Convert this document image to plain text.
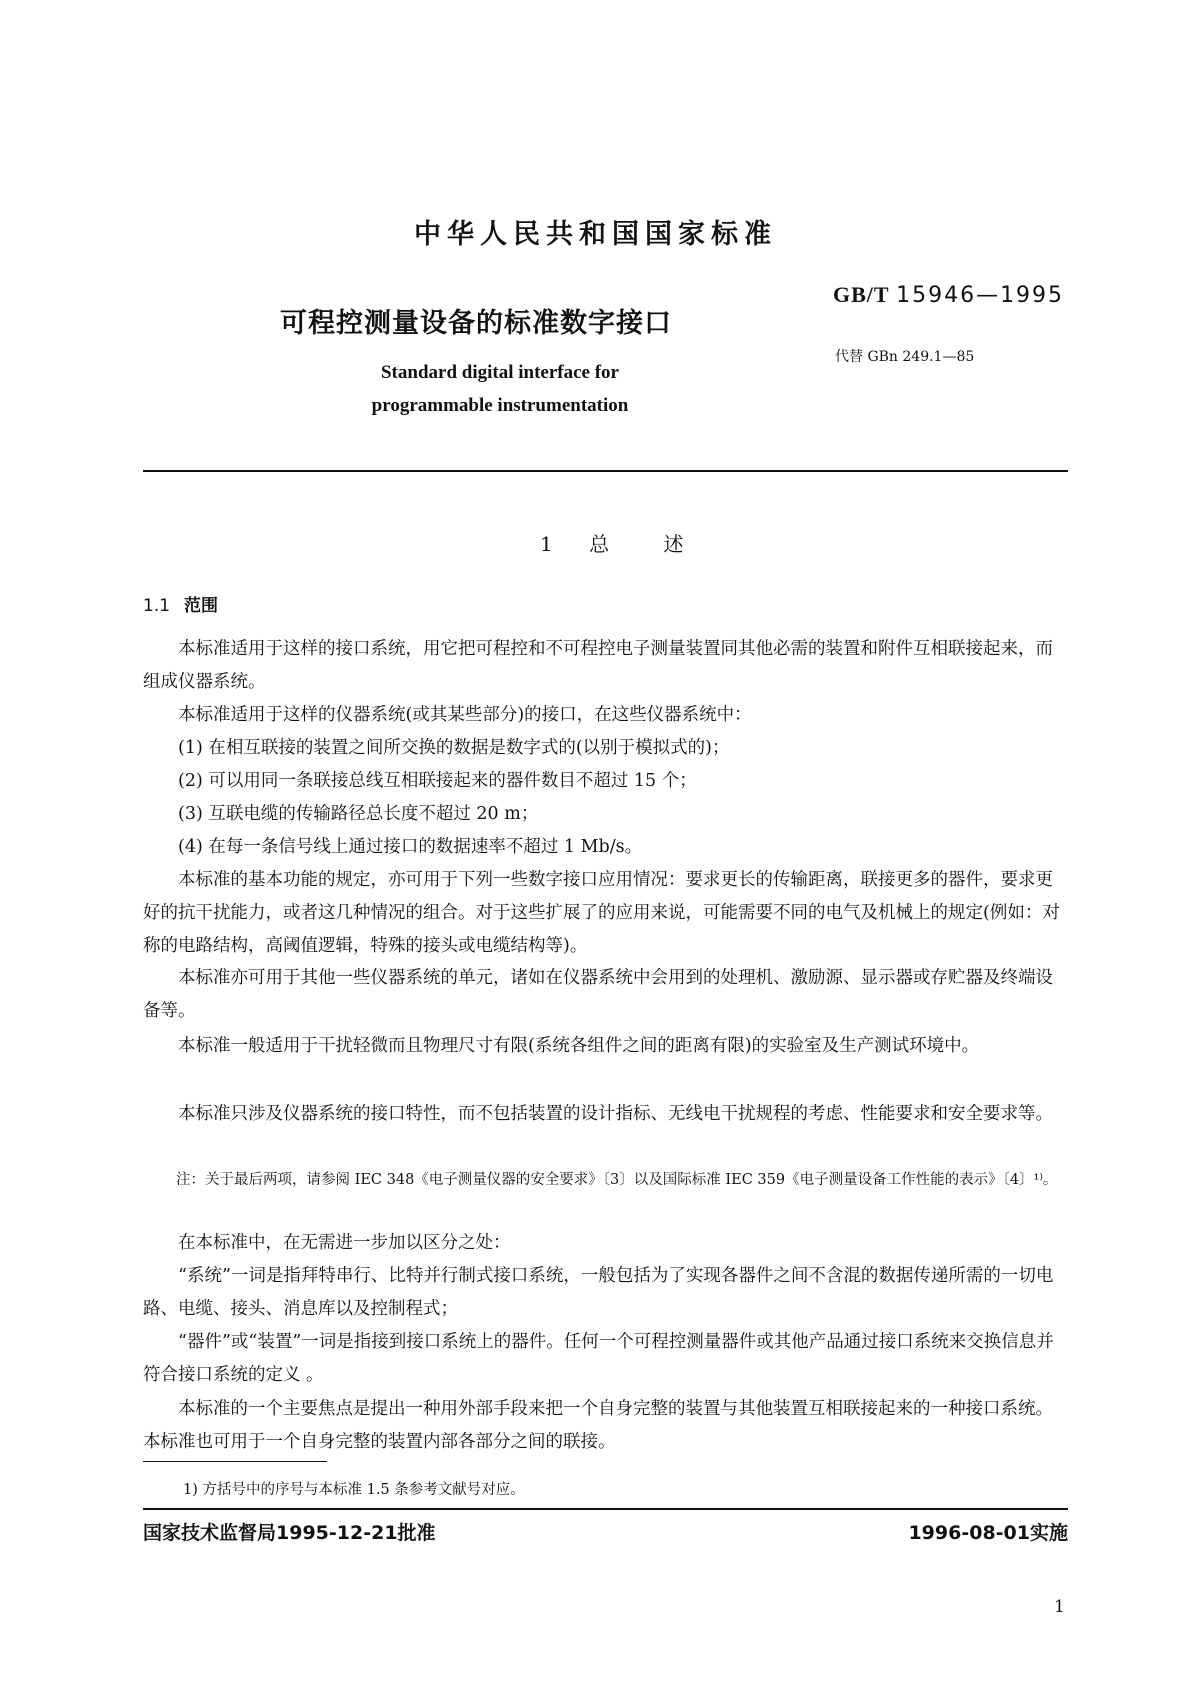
中华人民共和国国家标准
可程控测量设备的标准数字接口
GB/T 15946—1995
代替 GBn 249.1—85
Standard digital interface for
programmable instrumentation
1 总	述
1.1 范围
本标准适用于这样的接口系统，用它把可程控和不可程控电子测量装置同其他必需的装置和附件互相联接起来，而组成仪器系统。
本标准适用于这样的仪器系统(或其某些部分)的接口，在这些仪器系统中：
(1) 在相互联接的装置之间所交换的数据是数字式的(以别于模拟式的)；
(2) 可以用同一条联接总线互相联接起来的器件数目不超过 15 个；
(3) 互联电缆的传输路径总长度不超过 20 m；
(4) 在每一条信号线上通过接口的数据速率不超过 1 Mb/s。
本标准的基本功能的规定，亦可用于下列一些数字接口应用情况：要求更长的传输距离，联接更多的器件，要求更好的抗干扰能力，或者这几种情况的组合。对于这些扩展了的应用来说，可能需要不同的电气及机械上的规定(例如：对称的电路结构，高阈值逻辑，特殊的接头或电缆结构等)。
本标准亦可用于其他一些仪器系统的单元，诸如在仪器系统中会用到的处理机、激励源、显示器或存贮器及终端设备等。
本标准一般适用于干扰轻微而且物理尺寸有限(系统各组件之间的距离有限)的实验室及生产测试环境中。
本标准只涉及仪器系统的接口特性，而不包括装置的设计指标、无线电干扰规程的考虑、性能要求和安全要求等。
注：关于最后两项，请参阅 IEC 348《电子测量仪器的安全要求》〔3〕以及国际标准 IEC 359《电子测量设备工作性能的表示》〔4〕¹⁾。
在本标准中，在无需进一步加以区分之处：
“系统”一词是指拜特串行、比特并行制式接口系统，一般包括为了实现各器件之间不含混的数据传递所需的一切电路、电缆、接头、消息库以及控制程式；
“器件”或“装置”一词是指接到接口系统上的器件。任何一个可程控测量器件或其他产品通过接口系统来交换信息并符合接口系统的定义 。
本标准的一个主要焦点是提出一种用外部手段来把一个自身完整的装置与其他装置互相联接起来的一种接口系统。本标准也可用于一个自身完整的装置内部各部分之间的联接。
1) 方括号中的序号与本标准 1.5 条参考文献号对应。
国家技术监督局1995-12-21批准	1996-08-01实施
1
